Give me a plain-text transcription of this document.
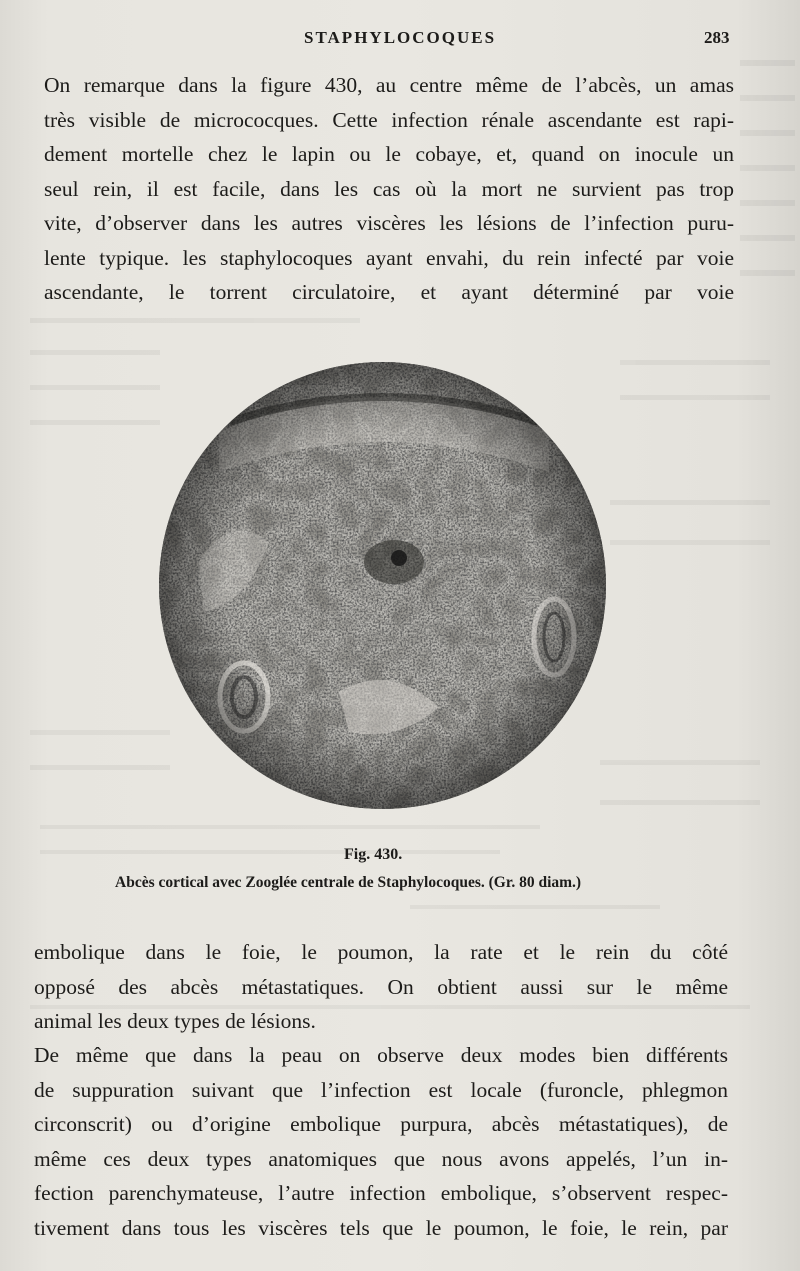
STAPHYLOCOQUES	283
On remarque dans la figure 430, au centre même de l’abcès, un amas
très visible de micrococques. Cette infection rénale ascendante est rapi-
dement mortelle chez le lapin ou le cobaye, et, quand on inocule un
seul rein, il est facile, dans les cas où la mort ne survient pas trop
vite, d’observer dans les autres viscères les lésions de l’infection puru-
lente typique. les staphylocoques ayant envahi, du rein infecté par voie
ascendante, le torrent circulatoire, et ayant déterminé par voie
Fig. 430.
Abcès cortical avec Zooglée centrale de Staphylocoques. (Gr. 80 diam.)
embolique dans le foie, le poumon, la rate et le rein du côté
opposé des abcès métastatiques. On obtient aussi sur le même
animal les deux types de lésions.
De même que dans la peau on observe deux modes bien différents
de suppuration suivant que l’infection est locale (furoncle, phlegmon
circonscrit) ou d’origine embolique purpura, abcès métastatiques), de
même ces deux types anatomiques que nous avons appelés, l’un in-
fection parenchymateuse, l’autre infection embolique, s’observent respec-
tivement dans tous les viscères tels que le poumon, le foie, le rein, par
